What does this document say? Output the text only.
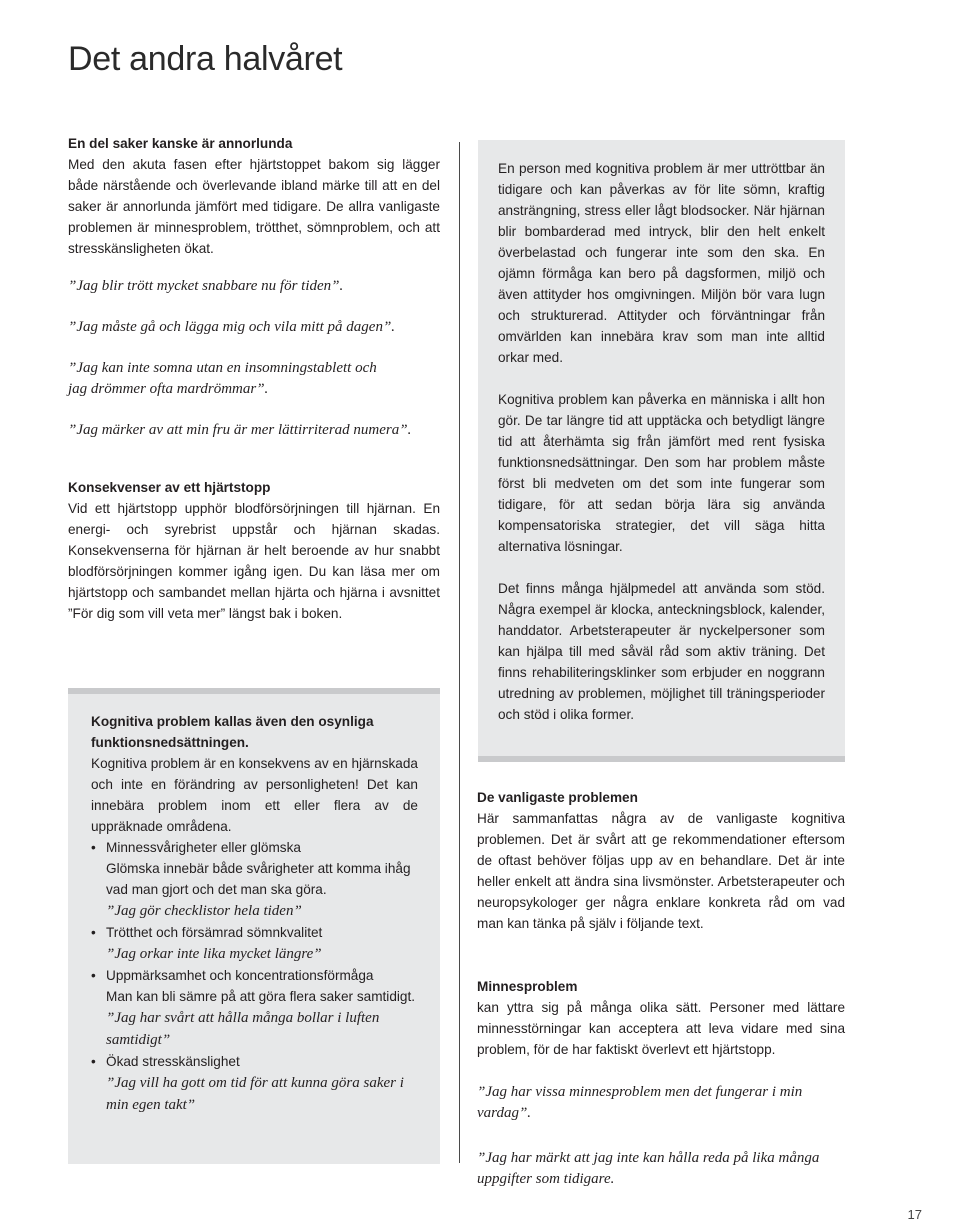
Det andra halvåret

En del saker kanske är annorlunda

Med den akuta fasen efter hjärtstoppet bakom sig lägger både närstående och överlevande ibland märke till att en del saker är annorlunda jämfört med tidigare. De allra vanligaste problemen är minnesproblem, trötthet, sömnproblem, och att stresskänsligheten ökat.

”Jag blir trött mycket snabbare nu för tiden”.

”Jag måste gå och lägga mig och vila mitt på dagen”.

”Jag kan inte somna utan en insomningstablett och jag drömmer ofta mardrömmar”.

”Jag märker av att min fru är mer lättirriterad numera”.

Konsekvenser av ett hjärtstopp

Vid ett hjärtstopp upphör blodförsörjningen till hjärnan. En energi- och syrebrist uppstår och hjärnan skadas. Konsekvenserna för hjärnan är helt beroende av hur snabbt blodförsörjningen kommer igång igen. Du kan läsa mer om hjärtstopp och sambandet mellan hjärta och hjärna i avsnittet ”För dig som vill veta mer” längst bak i boken.

En person med kognitiva problem är mer uttröttbar än tidigare och kan påverkas av för lite sömn, kraftig ansträngning, stress eller lågt blodsocker. När hjärnan blir bombarderad med intryck, blir den helt enkelt överbelastad och fungerar inte som den ska. En ojämn förmåga kan bero på dagsformen, miljö och även attityder hos omgivningen. Miljön bör vara lugn och strukturerad. Attityder och förväntningar från omvärlden kan innebära krav som man inte alltid orkar med.

Kognitiva problem kan påverka en människa i allt hon gör. De tar längre tid att upptäcka och betydligt längre tid att återhämta sig från jämfört med rent fysiska funktionsnedsättningar. Den som har problem måste först bli medveten om det som inte fungerar som tidigare, för att sedan börja lära sig använda kompensatoriska strategier, det vill säga hitta alternativa lösningar.

Det finns många hjälpmedel att använda som stöd. Några exempel är klocka, anteckningsblock, kalender, handdator. Arbetsterapeuter är nyckelpersoner som kan hjälpa till med såväl råd som aktiv träning. Det finns rehabiliteringsklinker som erbjuder en noggrann utredning av problemen, möjlighet till träningsperioder och stöd i olika former.

Kognitiva problem kallas även den osynliga funktionsnedsättningen.

Kognitiva problem är en konsekvens av en hjärnskada och inte en förändring av personligheten! Det kan innebära problem inom ett eller flera av de uppräknade områdena.

• Minnessvårigheter eller glömska
Glömska innebär både svårigheter att komma ihåg vad man gjort och det man ska göra.
”Jag gör checklistor hela tiden”
• Trötthet och försämrad sömnkvalitet
”Jag orkar inte lika mycket längre”
• Uppmärksamhet och koncentrationsförmåga
Man kan bli sämre på att göra flera saker samtidigt.
”Jag har svårt att hålla många bollar i luften samtidigt”
• Ökad stresskänslighet
”Jag vill ha gott om tid för att kunna göra saker i min egen takt”

De vanligaste problemen

Här sammanfattas några av de vanligaste kognitiva problemen. Det är svårt att ge rekommendationer eftersom de oftast behöver följas upp av en behandlare. Det är inte heller enkelt att ändra sina livsmönster. Arbetsterapeuter och neuropsykologer ger några enklare konkreta råd om vad man kan tänka på själv i följande text.

Minnesproblem

kan yttra sig på många olika sätt. Personer med lättare minnesstörningar kan acceptera att leva vidare med sina problem, för de har faktiskt överlevt ett hjärtstopp.

”Jag har vissa minnesproblem men det fungerar i min vardag”.

”Jag har märkt att jag inte kan hålla reda på lika många uppgifter som tidigare.

17
